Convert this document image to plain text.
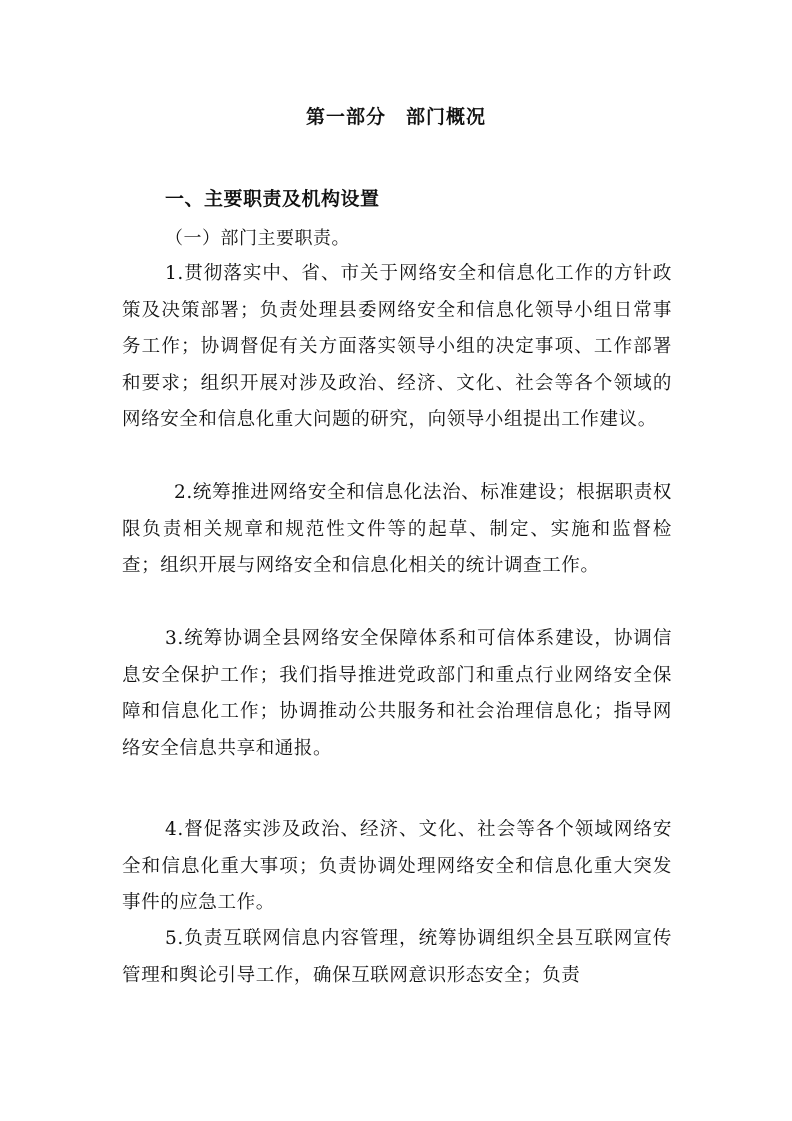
第一部分　部门概况
一、主要职责及机构设置
（一）部门主要职责。

1.贯彻落实中、省、市关于网络安全和信息化工作的方针政策及决策部署；负责处理县委网络安全和信息化领导小组日常事务工作；协调督促有关方面落实领导小组的决定事项、工作部署和要求；组织开展对涉及政治、经济、文化、社会等各个领域的网络安全和信息化重大问题的研究，向领导小组提出工作建议。

2.统筹推进网络安全和信息化法治、标准建设；根据职责权限负责相关规章和规范性文件等的起草、制定、实施和监督检查；组织开展与网络安全和信息化相关的统计调查工作。

3.统筹协调全县网络安全保障体系和可信体系建设，协调信息安全保护工作；我们指导推进党政部门和重点行业网络安全保障和信息化工作；协调推动公共服务和社会治理信息化；指导网络安全信息共享和通报。

4.督促落实涉及政治、经济、文化、社会等各个领域网络安全和信息化重大事项；负责协调处理网络安全和信息化重大突发事件的应急工作。

5.负责互联网信息内容管理，统筹协调组织全县互联网宣传管理和舆论引导工作，确保互联网意识形态安全；负责
